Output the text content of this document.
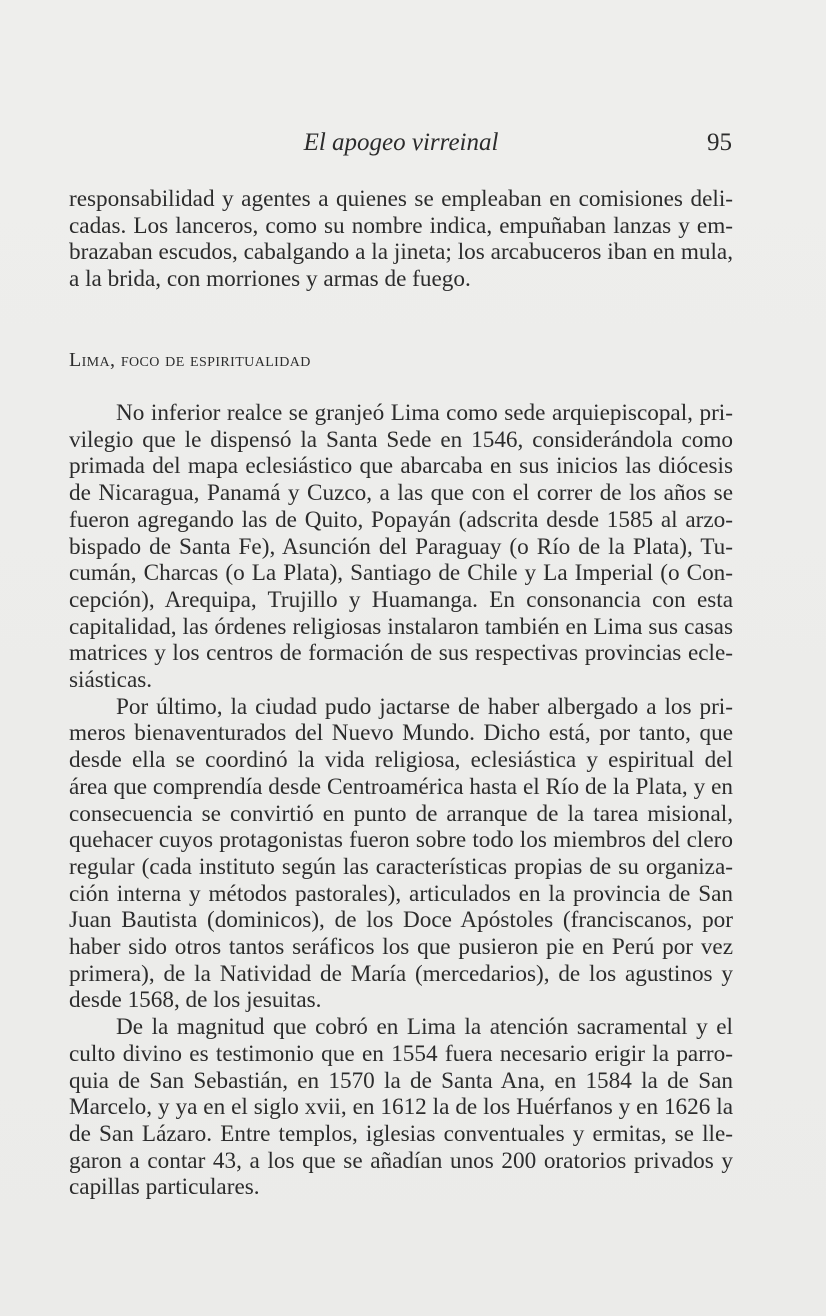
El apogeo virreinal	95

responsabilidad y agentes a quienes se empleaban en comisiones delicadas. Los lanceros, como su nombre indica, empuñaban lanzas y embrazaban escudos, cabalgando a la jineta; los arcabuceros iban en mula, a la brida, con morriones y armas de fuego.

Lima, foco de espiritualidad

No inferior realce se granjeó Lima como sede arquiepiscopal, privilegio que le dispensó la Santa Sede en 1546, considerándola como primada del mapa eclesiástico que abarcaba en sus inicios las diócesis de Nicaragua, Panamá y Cuzco, a las que con el correr de los años se fueron agregando las de Quito, Popayán (adscrita desde 1585 al arzobispado de Santa Fe), Asunción del Paraguay (o Río de la Plata), Tucumán, Charcas (o La Plata), Santiago de Chile y La Imperial (o Concepción), Arequipa, Trujillo y Huamanga. En consonancia con esta capitalidad, las órdenes religiosas instalaron también en Lima sus casas matrices y los centros de formación de sus respectivas provincias eclesiásticas.

Por último, la ciudad pudo jactarse de haber albergado a los primeros bienaventurados del Nuevo Mundo. Dicho está, por tanto, que desde ella se coordinó la vida religiosa, eclesiástica y espiritual del área que comprendía desde Centroamérica hasta el Río de la Plata, y en consecuencia se convirtió en punto de arranque de la tarea misional, quehacer cuyos protagonistas fueron sobre todo los miembros del clero regular (cada instituto según las características propias de su organización interna y métodos pastorales), articulados en la provincia de San Juan Bautista (dominicos), de los Doce Apóstoles (franciscanos, por haber sido otros tantos seráficos los que pusieron pie en Perú por vez primera), de la Natividad de María (mercedarios), de los agustinos y desde 1568, de los jesuitas.

De la magnitud que cobró en Lima la atención sacramental y el culto divino es testimonio que en 1554 fuera necesario erigir la parroquia de San Sebastián, en 1570 la de Santa Ana, en 1584 la de San Marcelo, y ya en el siglo xvii, en 1612 la de los Huérfanos y en 1626 la de San Lázaro. Entre templos, iglesias conventuales y ermitas, se llegaron a contar 43, a los que se añadían unos 200 oratorios privados y capillas particulares.
